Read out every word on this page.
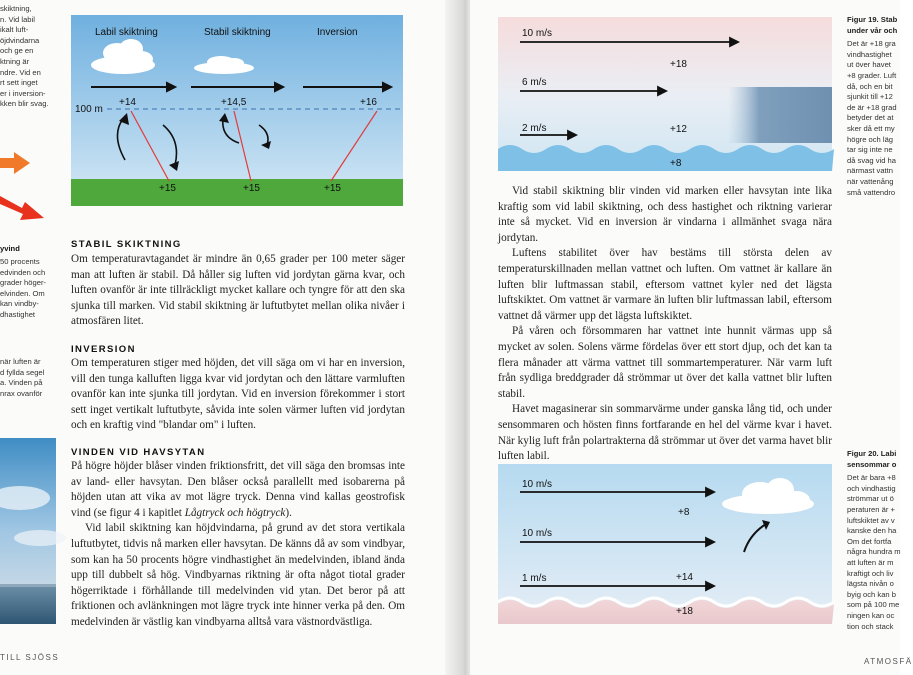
skiktning,
n. Vid labil
ikalt luft-
öjdvindarna
och ge en
ktning är
ndre. Vid en
rt sett inget
er i inversion-
kken blir svag.
yvind
50 procents
edvinden och
grader höger-
elvinden. Om
kan vindby-
dhastighet
när luften är
d fyllda segel
a. Vinden på
nrax ovanför
Labil skiktning	Stabil skiktning	Inversion
100 m
+14	+14,5	+16
+15	+15	+15
STABIL SKIKTNING

Om temperaturavtagandet är mindre än 0,65 grader per 100 meter säger man att luften är stabil. Då håller sig luften vid jordytan gärna kvar, och luften ovanför är inte tillräckligt mycket kallare och tyngre för att den ska sjunka till marken. Vid stabil skiktning är luftutbytet mellan olika nivåer i atmosfären litet.

INVERSION

Om temperaturen stiger med höjden, det vill säga om vi har en inversion, vill den tunga kalluften ligga kvar vid jordytan och den lättare varmluften ovanför kan inte sjunka till jordytan. Vid en inversion förekommer i stort sett inget vertikalt luftutbyte, såvida inte solen värmer luften vid jordytan och en kraftig vind "blandar om" i luften.

VINDEN VID HAVSYTAN

På högre höjder blåser vinden friktionsfritt, det vill säga den bromsas inte av land- eller havsytan. Den blåser också parallellt med isobarerna på höjden utan att vika av mot lägre tryck. Denna vind kallas geostrofisk vind (se figur 4 i kapitlet Lågtryck och högtryck).

Vid labil skiktning kan höjdvindarna, på grund av det stora vertikala luftutbytet, tidvis nå marken eller havsytan. De känns då av som vindbyar, som kan ha 50 procents högre vindhastighet än medelvinden, ibland ända upp till dubbelt så hög. Vindbyarnas riktning är ofta något tiotal grader högerriktade i förhållande till medelvinden vid ytan. Det beror på att friktionen och avlänkningen mot lägre tryck inte hinner verka på den. Om medelvinden är västlig kan vindbyarna alltså vara västnordvästliga.

TILL SJÖSS
10 m/s
6 m/s
2 m/s
+18
+12
+8
Figur 19. Stab
under vår och
Det är +18 gra
vindhastighet
ut över havet
+8 grader. Luft
då, och en bit
sjunkit till +12
de är +18 grad
betyder det at
sker då ett my
högre och läg
tar sig inte ne
då svag vid ha
närmast vattn
när vattenång
små vattendro

Vid stabil skiktning blir vinden vid marken eller havsytan inte lika kraftig som vid labil skiktning, och dess hastighet och riktning varierar inte så mycket. Vid en inversion är vindarna i allmänhet svaga nära jordytan.

Luftens stabilitet över hav bestäms till största delen av temperaturskillnaden mellan vattnet och luften. Om vattnet är kallare än luften blir luftmassan stabil, eftersom vattnet kyler ned det lägsta luftskiktet. Om vattnet är varmare än luften blir luftmassan labil, eftersom vattnet då värmer upp det lägsta luftskiktet.

På våren och försommaren har vattnet inte hunnit värmas upp så mycket av solen. Solens värme fördelas över ett stort djup, och det kan ta flera månader att värma vattnet till sommartemperaturer. När varm luft från sydliga breddgrader då strömmar ut över det kalla vattnet blir luften stabil.

Havet magasinerar sin sommarvärme under ganska lång tid, och under sensommaren och hösten finns fortfarande en hel del värme kvar i havet. När kylig luft från polartrakterna då strömmar ut över det varma havet blir luften labil.

10 m/s
10 m/s
1 m/s
+8
+14
+18
Figur 20. Labi
sensommar o
Det är bara +8
och vindhastig
strömmar ut ö
peraturen är +
luftskiktet av v
kanske den ha
Om det fortfa
några hundra m
att luften är m
kraftigt och liv
lägsta nivån o
byig och kan b
som på 100 me
ningen kan oc
tion och stack
ATMOSFÄ
